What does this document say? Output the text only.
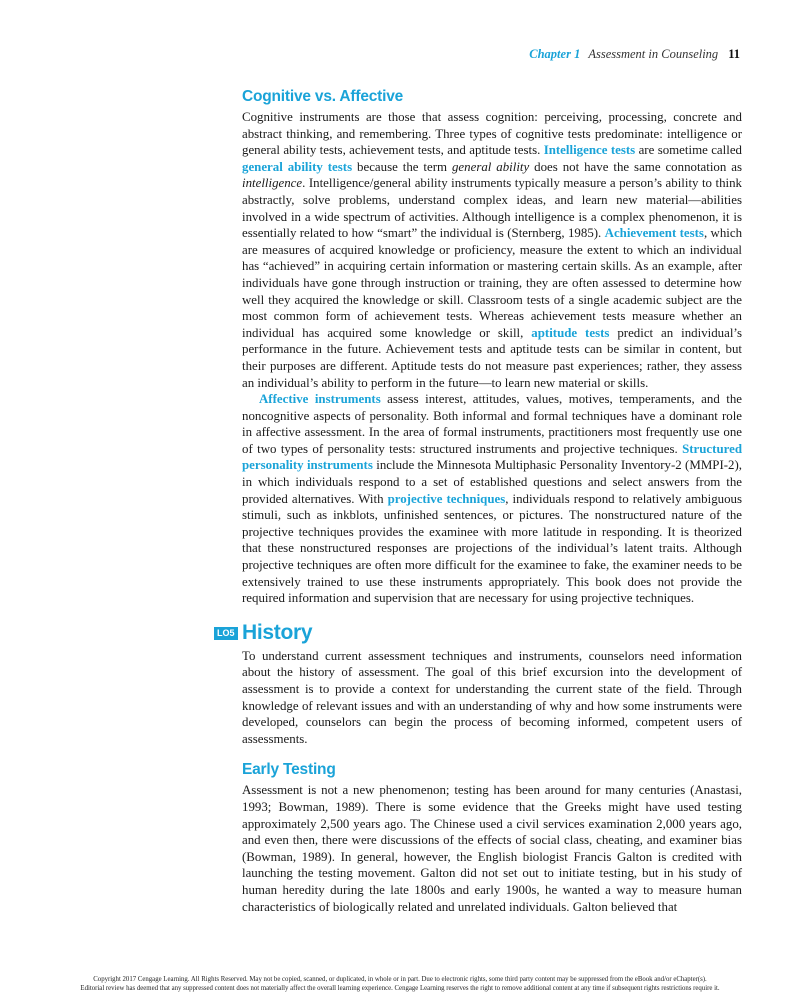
Chapter 1 Assessment in Counseling 11
Cognitive vs. Affective

Cognitive instruments are those that assess cognition: perceiving, processing, concrete and abstract thinking, and remembering. Three types of cognitive tests predominate: intelligence or general ability tests, achievement tests, and aptitude tests. Intelligence tests are sometime called general ability tests because the term general ability does not have the same connotation as intelligence. Intelligence/general ability instruments typically measure a person’s ability to think abstractly, solve problems, understand complex ideas, and learn new material—abilities involved in a wide spectrum of activities. Although intelligence is a complex phenomenon, it is essentially related to how “smart” the individual is (Sternberg, 1985). Achievement tests, which are measures of acquired knowledge or proficiency, measure the extent to which an individual has “achieved” in acquiring certain information or mastering certain skills. As an example, after individuals have gone through instruction or training, they are often assessed to determine how well they acquired the knowledge or skill. Classroom tests of a single academic subject are the most common form of achievement tests. Whereas achievement tests measure whether an individual has acquired some knowledge or skill, aptitude tests predict an individual’s performance in the future. Achievement tests and aptitude tests can be similar in content, but their purposes are different. Aptitude tests do not measure past experiences; rather, they assess an individual’s ability to perform in the future—to learn new material or skills.

Affective instruments assess interest, attitudes, values, motives, temperaments, and the noncognitive aspects of personality. Both informal and formal techniques have a dominant role in affective assessment. In the area of formal instruments, practitioners most frequently use one of two types of personality tests: structured instruments and projective techniques. Structured personality instruments include the Minnesota Multiphasic Personality Inventory-2 (MMPI-2), in which individuals respond to a set of established questions and select answers from the provided alternatives. With projective techniques, individuals respond to relatively ambiguous stimuli, such as inkblots, unfinished sentences, or pictures. The nonstructured nature of the projective techniques provides the examinee with more latitude in responding. It is theorized that these nonstructured responses are projections of the individual’s latent traits. Although projective techniques are often more difficult for the examinee to fake, the examiner needs to be extensively trained to use these instruments appropriately. This book does not provide the required information and supervision that are necessary for using projective techniques.

LO5 History

To understand current assessment techniques and instruments, counselors need information about the history of assessment. The goal of this brief excursion into the development of assessment is to provide a context for understanding the current state of the field. Through knowledge of relevant issues and with an understanding of why and how some instruments were developed, counselors can begin the process of becoming informed, competent users of assessments.

Early Testing

Assessment is not a new phenomenon; testing has been around for many centuries (Anastasi, 1993; Bowman, 1989). There is some evidence that the Greeks might have used testing approximately 2,500 years ago. The Chinese used a civil services examination 2,000 years ago, and even then, there were discussions of the effects of social class, cheating, and examiner bias (Bowman, 1989). In general, however, the English biologist Francis Galton is credited with launching the testing movement. Galton did not set out to initiate testing, but in his study of human heredity during the late 1800s and early 1900s, he wanted a way to measure human characteristics of biologically related and unrelated individuals. Galton believed that

Copyright 2017 Cengage Learning. All Rights Reserved. May not be copied, scanned, or duplicated, in whole or in part. Due to electronic rights, some third party content may be suppressed from the eBook and/or eChapter(s).
Editorial review has deemed that any suppressed content does not materially affect the overall learning experience. Cengage Learning reserves the right to remove additional content at any time if subsequent rights restrictions require it.
